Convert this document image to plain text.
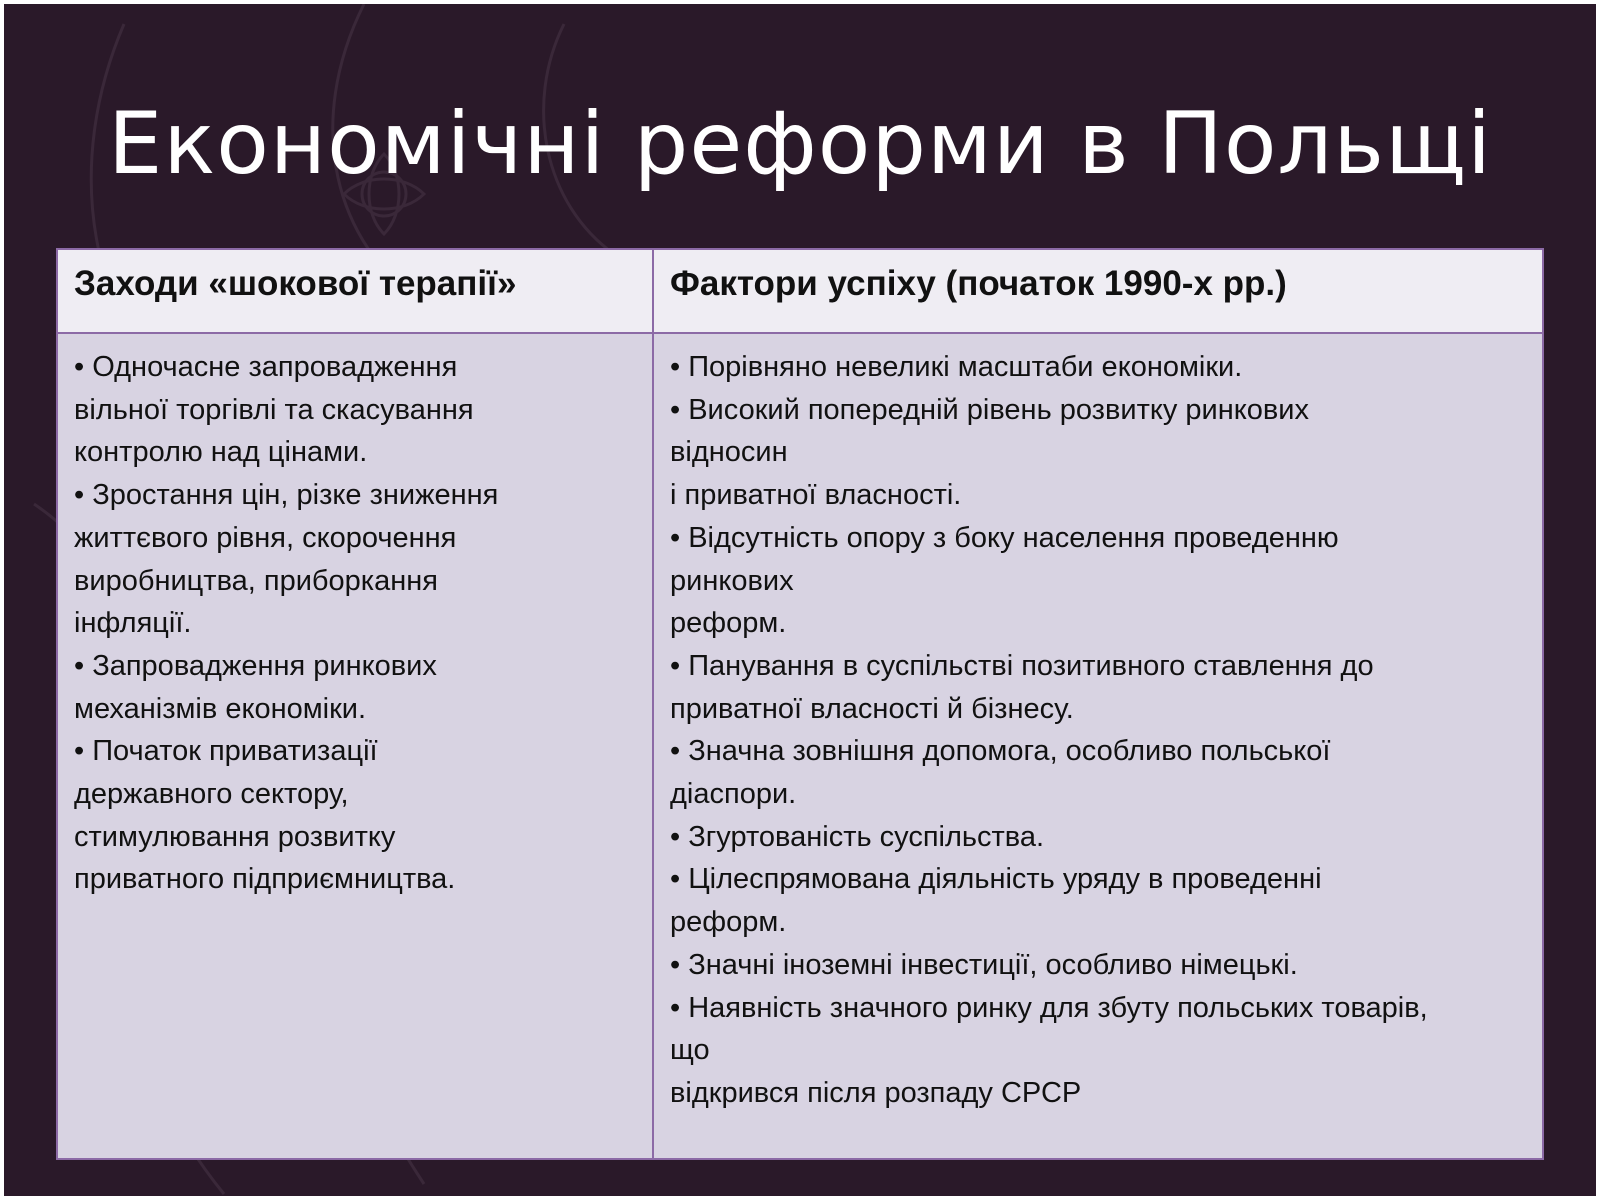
Економічні реформи в Польщі
Заходи «шокової терапії»	Фактори успіху (початок 1990-х рр.)
• Одночасне запровадження
вільної торгівлі та скасування
контролю над цінами.
• Зростання цін, різке зниження
життєвого рівня, скорочення
виробництва, приборкання
інфляції.
• Запровадження ринкових
механізмів економіки.
• Початок приватизації
державного сектору,
стимулювання розвитку
приватного підприємництва.
• Порівняно невеликі масштаби економіки.
• Високий попередній рівень розвитку ринкових
відносин
і приватної власності.
• Відсутність опору з боку населення проведенню
ринкових
реформ.
• Панування в суспільстві позитивного ставлення до
приватної власності й бізнесу.
• Значна зовнішня допомога, особливо польської
діаспори.
• Згуртованість суспільства.
• Цілеспрямована діяльність уряду в проведенні
реформ.
• Значні іноземні інвестиції, особливо німецькі.
• Наявність значного ринку для збуту польських товарів,
що
відкрився після розпаду СРСР
